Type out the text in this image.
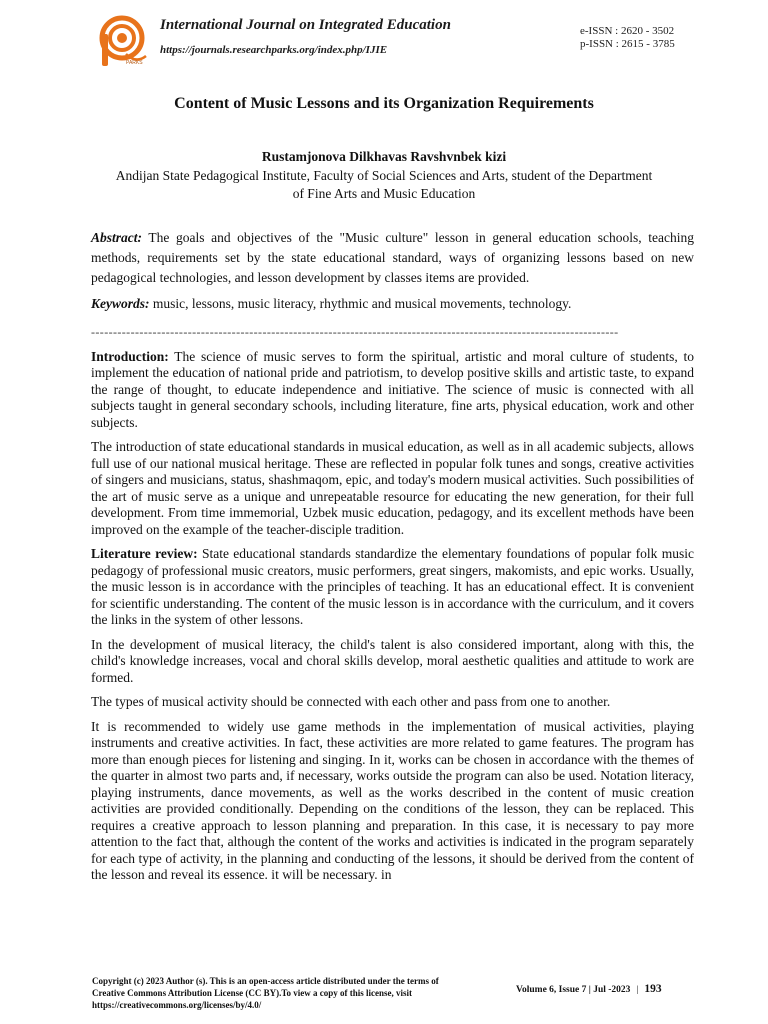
PARKS
International Journal on Integrated Education
https://journals.researchparks.org/index.php/IJIE
e-ISSN : 2620 - 3502
p-ISSN : 2615 - 3785
Content of Music Lessons and its Organization Requirements
Rustamjonova Dilkhavas Ravshvnbek kizi
Andijan State Pedagogical Institute, Faculty of Social Sciences and Arts, student of the Department of Fine Arts and Music Education

Abstract: The goals and objectives of the "Music culture" lesson in general education schools, teaching methods, requirements set by the state educational standard, ways of organizing lessons based on new pedagogical technologies, and lesson development by classes items are provided.

Keywords: music, lessons, music literacy, rhythmic and musical movements, technology.

------------------------------------------------------------------------------------------------------------------------

Introduction: The science of music serves to form the spiritual, artistic and moral culture of students, to implement the education of national pride and patriotism, to develop positive skills and artistic taste, to expand the range of thought, to educate independence and initiative. The science of music is connected with all subjects taught in general secondary schools, including literature, fine arts, physical education, work and other subjects.

The introduction of state educational standards in musical education, as well as in all academic subjects, allows full use of our national musical heritage. These are reflected in popular folk tunes and songs, creative activities of singers and musicians, status, shashmaqom, epic, and today's modern musical activities. Such possibilities of the art of music serve as a unique and unrepeatable resource for educating the new generation, for their full development. From time immemorial, Uzbek music education, pedagogy, and its excellent methods have been improved on the example of the teacher-disciple tradition.

Literature review: State educational standards standardize the elementary foundations of popular folk music pedagogy of professional music creators, music performers, great singers, makomists, and epic works. Usually, the music lesson is in accordance with the principles of teaching. It has an educational effect. It is convenient for scientific understanding. The content of the music lesson is in accordance with the curriculum, and it covers the links in the system of other lessons.

In the development of musical literacy, the child's talent is also considered important, along with this, the child's knowledge increases, vocal and choral skills develop, moral aesthetic qualities and attitude to work are formed.

The types of musical activity should be connected with each other and pass from one to another.

It is recommended to widely use game methods in the implementation of musical activities, playing instruments and creative activities. In fact, these activities are more related to game features. The program has more than enough pieces for listening and singing. In it, works can be chosen in accordance with the themes of the quarter in almost two parts and, if necessary, works outside the program can also be used. Notation literacy, playing instruments, dance movements, as well as the works described in the content of music creation activities are provided conditionally. Depending on the conditions of the lesson, they can be replaced. This requires a creative approach to lesson planning and preparation. In this case, it is necessary to pay more attention to the fact that, although the content of the works and activities is indicated in the program separately for each type of activity, in the planning and conducting of the lessons, it should be derived from the content of the lesson and reveal its essence. it will be necessary. in

Copyright (c) 2023 Author (s). This is an open-access article distributed under the terms of Creative Commons Attribution License (CC BY).To view a copy of this license, visit https://creativecommons.org/licenses/by/4.0/
Volume 6, Issue 7 | Jul -2023 | 193
